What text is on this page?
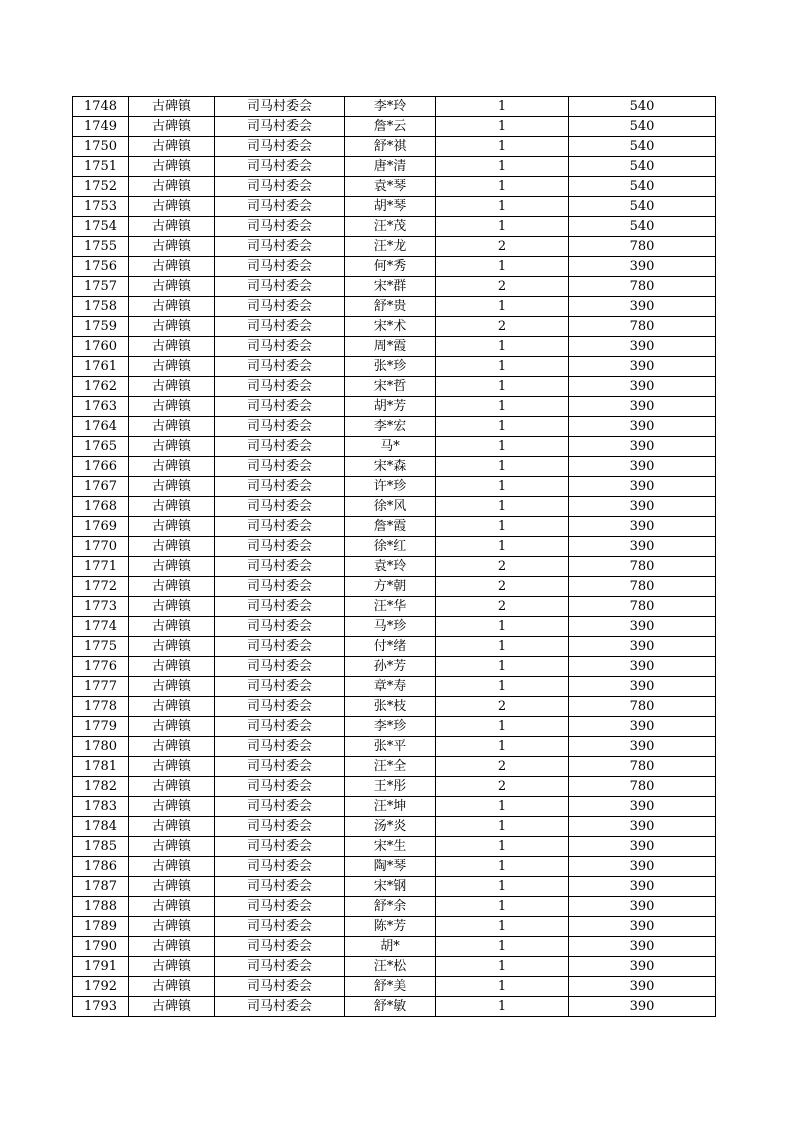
1748	古碑镇	司马村委会	李*玲	1	540
1749	古碑镇	司马村委会	詹*云	1	540
1750	古碑镇	司马村委会	舒*祺	1	540
1751	古碑镇	司马村委会	唐*清	1	540
1752	古碑镇	司马村委会	袁*琴	1	540
1753	古碑镇	司马村委会	胡*琴	1	540
1754	古碑镇	司马村委会	汪*茂	1	540
1755	古碑镇	司马村委会	汪*龙	2	780
1756	古碑镇	司马村委会	何*秀	1	390
1757	古碑镇	司马村委会	宋*群	2	780
1758	古碑镇	司马村委会	舒*贵	1	390
1759	古碑镇	司马村委会	宋*术	2	780
1760	古碑镇	司马村委会	周*霞	1	390
1761	古碑镇	司马村委会	张*珍	1	390
1762	古碑镇	司马村委会	宋*哲	1	390
1763	古碑镇	司马村委会	胡*芳	1	390
1764	古碑镇	司马村委会	李*宏	1	390
1765	古碑镇	司马村委会	马*	1	390
1766	古碑镇	司马村委会	宋*森	1	390
1767	古碑镇	司马村委会	许*珍	1	390
1768	古碑镇	司马村委会	徐*风	1	390
1769	古碑镇	司马村委会	詹*霞	1	390
1770	古碑镇	司马村委会	徐*红	1	390
1771	古碑镇	司马村委会	袁*玲	2	780
1772	古碑镇	司马村委会	方*朝	2	780
1773	古碑镇	司马村委会	汪*华	2	780
1774	古碑镇	司马村委会	马*珍	1	390
1775	古碑镇	司马村委会	付*绪	1	390
1776	古碑镇	司马村委会	孙*芳	1	390
1777	古碑镇	司马村委会	章*寿	1	390
1778	古碑镇	司马村委会	张*枝	2	780
1779	古碑镇	司马村委会	李*珍	1	390
1780	古碑镇	司马村委会	张*平	1	390
1781	古碑镇	司马村委会	汪*全	2	780
1782	古碑镇	司马村委会	王*彤	2	780
1783	古碑镇	司马村委会	汪*坤	1	390
1784	古碑镇	司马村委会	汤*炎	1	390
1785	古碑镇	司马村委会	宋*生	1	390
1786	古碑镇	司马村委会	陶*琴	1	390
1787	古碑镇	司马村委会	宋*钢	1	390
1788	古碑镇	司马村委会	舒*余	1	390
1789	古碑镇	司马村委会	陈*芳	1	390
1790	古碑镇	司马村委会	胡*	1	390
1791	古碑镇	司马村委会	汪*松	1	390
1792	古碑镇	司马村委会	舒*美	1	390
1793	古碑镇	司马村委会	舒*敏	1	390
